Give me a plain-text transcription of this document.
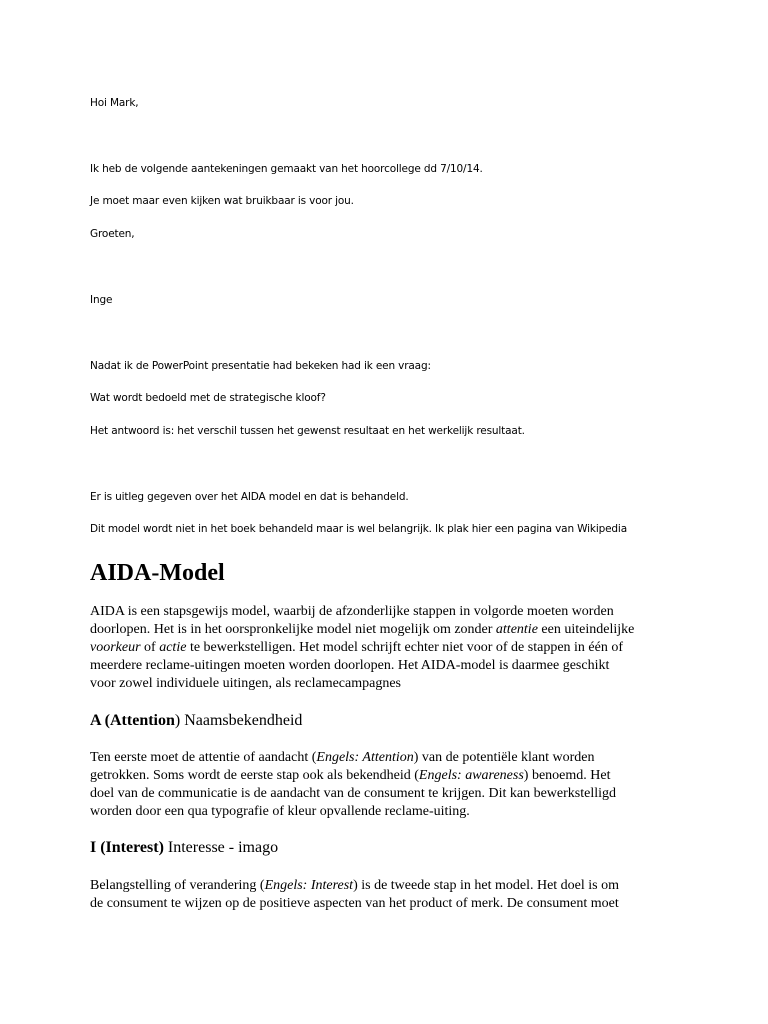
Hoi Mark,

Ik heb de volgende aantekeningen gemaakt van het hoorcollege dd 7/10/14.

Je moet maar even kijken wat bruikbaar is voor jou.

Groeten,

Inge

Nadat ik de PowerPoint presentatie had bekeken had ik een vraag:

Wat wordt bedoeld met de strategische kloof?

Het antwoord is: het verschil tussen het gewenst resultaat en het werkelijk resultaat.

Er is uitleg gegeven over het AIDA model en dat is behandeld.

Dit model wordt niet in het boek behandeld maar is wel belangrijk. Ik plak hier een pagina van Wikipedia

AIDA-Model

AIDA is een stapsgewijs model, waarbij de afzonderlijke stappen in volgorde moeten worden
doorlopen. Het is in het oorspronkelijke model niet mogelijk om zonder attentie een uiteindelijke
voorkeur of actie te bewerkstelligen. Het model schrijft echter niet voor of de stappen in één of
meerdere reclame-uitingen moeten worden doorlopen. Het AIDA-model is daarmee geschikt
voor zowel individuele uitingen, als reclamecampagnes

A (Attention) Naamsbekendheid

Ten eerste moet de attentie of aandacht (Engels: Attention) van de potentiële klant worden
getrokken. Soms wordt de eerste stap ook als bekendheid (Engels: awareness) benoemd. Het
doel van de communicatie is de aandacht van de consument te krijgen. Dit kan bewerkstelligd
worden door een qua typografie of kleur opvallende reclame-uiting.

I (Interest) Interesse - imago

Belangstelling of verandering (Engels: Interest) is de tweede stap in het model. Het doel is om
de consument te wijzen op de positieve aspecten van het product of merk. De consument moet
